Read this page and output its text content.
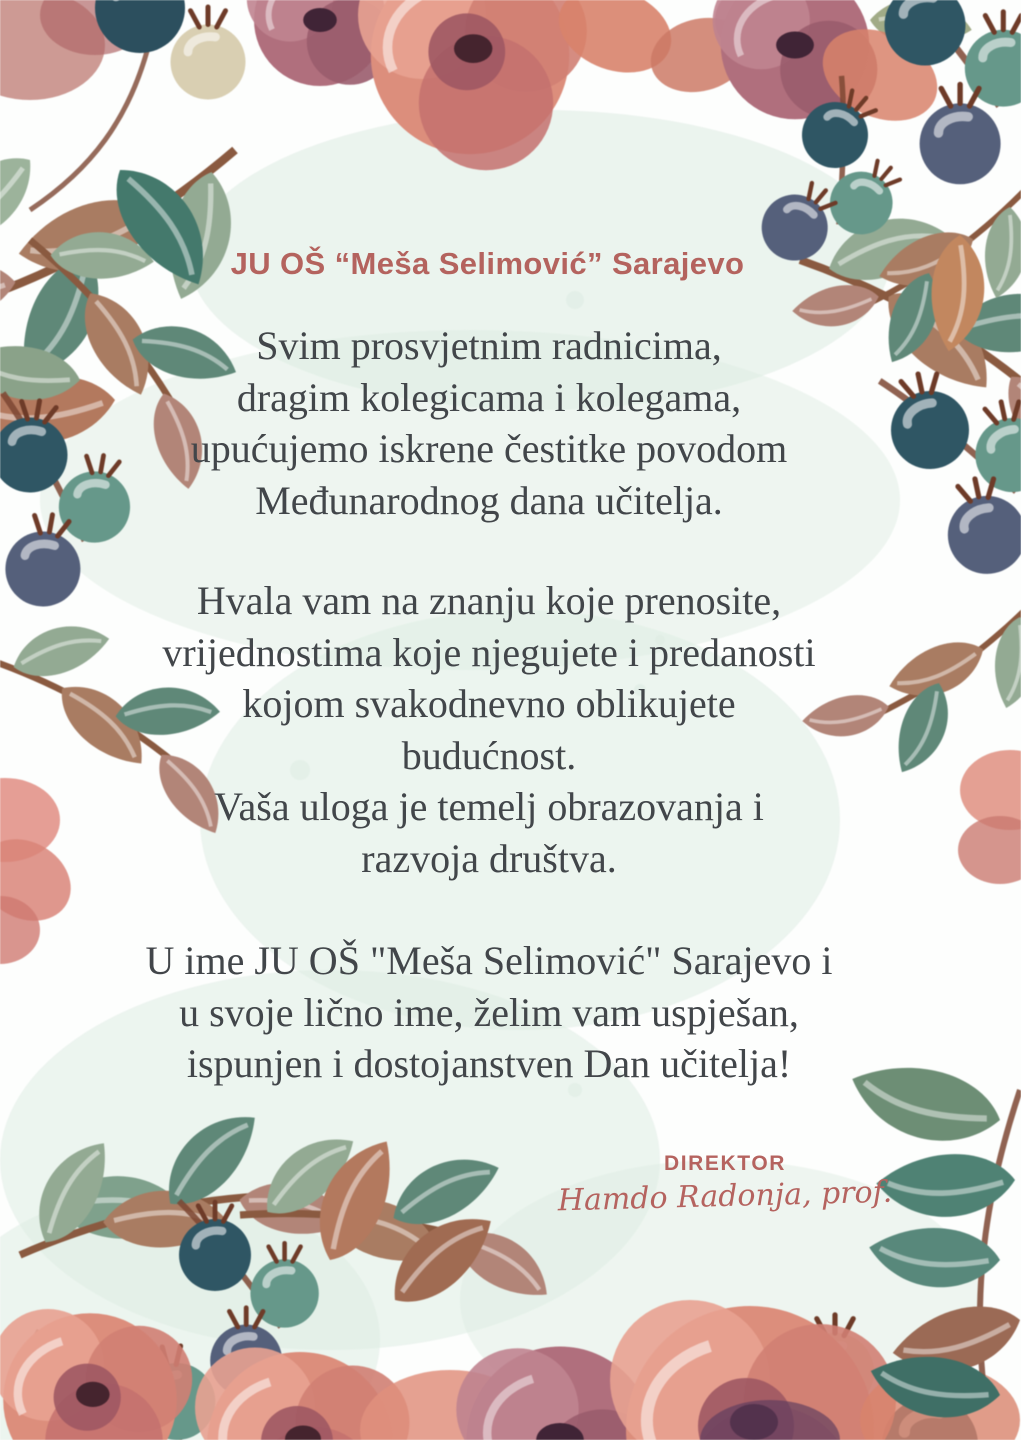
JU OŠ “Meša Selimović” Sarajevo
Svim prosvjetnim radnicima,
dragim kolegicama i kolegama,
upućujemo iskrene čestitke povodom
Međunarodnog dana učitelja.
Hvala vam na znanju koje prenosite,
vrijednostima koje njegujete i predanosti
kojom svakodnevno oblikujete
budućnost.
Vaša uloga je temelj obrazovanja i
razvoja društva.
U ime JU OŠ "Meša Selimović" Sarajevo i
u svoje lično ime, želim vam uspješan,
ispunjen i dostojanstven Dan učitelja!
DIREKTOR
Hamdo Radonja, prof.
